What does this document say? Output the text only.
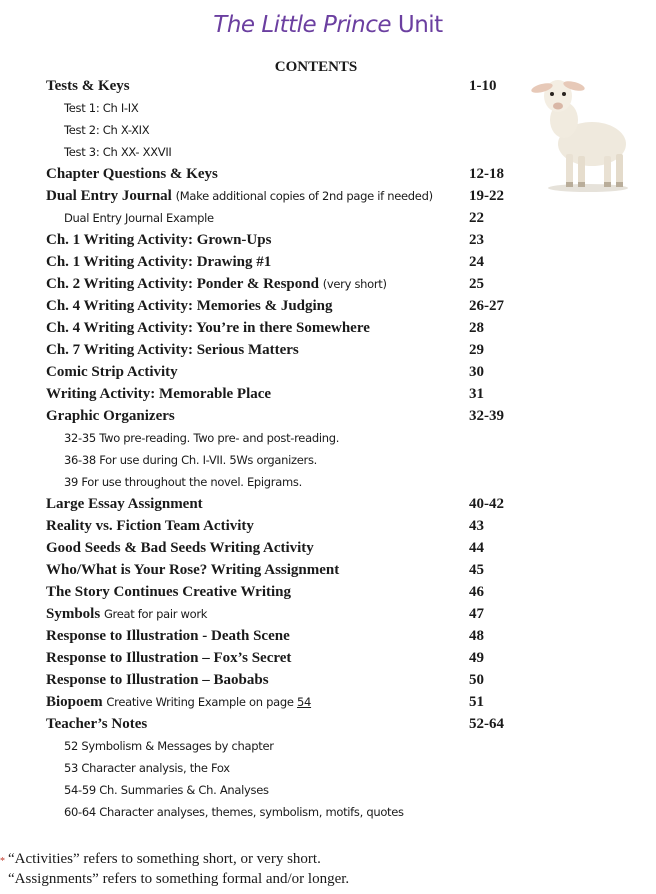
The Little Prince Unit
CONTENTS
Tests & Keys	1-10
Test 1: Ch I-IX
Test 2: Ch X-XIX
Test 3: Ch XX- XXVII
Chapter Questions & Keys	12-18
Dual Entry Journal (Make additional copies of 2nd page if needed) 19-22
Dual Entry Journal Example	22
Ch. 1 Writing Activity: Grown-Ups	23
Ch. 1 Writing Activity: Drawing #1	24
Ch. 2 Writing Activity: Ponder & Respond (very short)	25
Ch. 4 Writing Activity: Memories & Judging	26-27
Ch. 4 Writing Activity: You’re in there Somewhere	28
Ch. 7 Writing Activity: Serious Matters	29
Comic Strip Activity	30
Writing Activity: Memorable Place	31
Graphic Organizers	32-39
32-35 Two pre-reading. Two pre- and post-reading.
36-38 For use during Ch. I-VII. 5Ws organizers.
39 For use throughout the novel. Epigrams.
Large Essay Assignment	40-42
Reality vs. Fiction Team Activity	43
Good Seeds & Bad Seeds Writing Activity	44
Who/What is Your Rose? Writing Assignment	45
The Story Continues Creative Writing	46
Symbols Great for pair work	47
Response to Illustration - Death Scene	48
Response to Illustration – Fox’s Secret	49
Response to Illustration – Baobabs	50
Biopoem Creative Writing Example on page 54	51
Teacher’s Notes	52-64
52 Symbolism & Messages by chapter
53 Character analysis, the Fox
54-59 Ch. Summaries & Ch. Analyses
60-64 Character analyses, themes, symbolism, motifs, quotes
* “Activities” refers to something short, or very short.
“Assignments” refers to something formal and/or longer.
